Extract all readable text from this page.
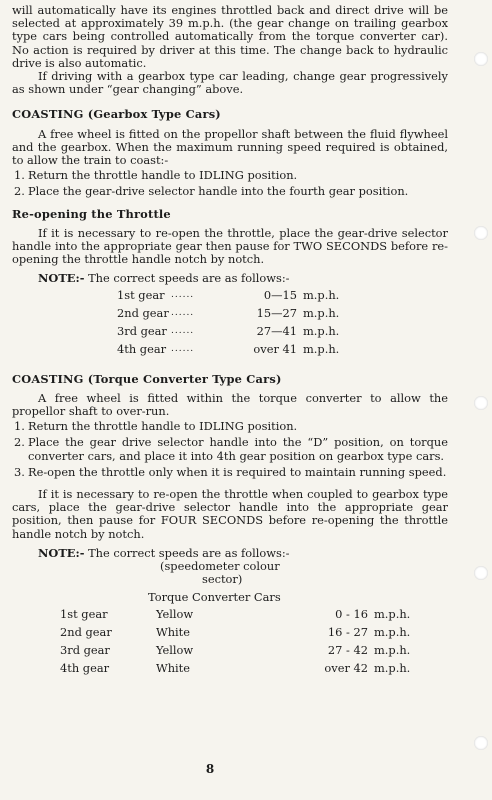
will automatically have its engines throttled back and direct drive will be selected at approximately 39 m.p.h. (the gear change on trailing gearbox type cars being controlled automatically from the torque converter car). No action is required by driver at this time. The change back to hydraulic drive is also automatic.

If driving with a gearbox type car leading, change gear progressively as shown under “gear changing” above.

COASTING (Gearbox Type Cars)

A free wheel is fitted on the propellor shaft between the fluid flywheel and the gearbox. When the maximum running speed required is obtained, to allow the train to coast:-

1. Return the throttle handle to IDLING position.
2. Place the gear-drive selector handle into the fourth gear position.
Re-opening the Throttle

If it is necessary to re-open the throttle, place the gear-drive selector handle into the appropriate gear then pause for TWO SECONDS before re-opening the throttle handle notch by notch.

NOTE:- The correct speeds are as follows:-

1st gear	......	0—15	m.p.h.
2nd gear	......	15—27	m.p.h.
3rd gear	......	27—41	m.p.h.
4th gear	......	over 41	m.p.h.
COASTING (Torque Converter Type Cars)

A free wheel is fitted within the torque converter to allow the propellor shaft to over-run.

1. Return the throttle handle to IDLING position.
2. Place the gear drive selector handle into the “D” position, on torque converter cars, and place it into 4th gear position on gearbox type cars.
3. Re-open the throttle only when it is required to maintain running speed.

If it is necessary to re-open the throttle when coupled to gearbox type cars, place the gear-drive selector handle into the appropriate gear position, then pause for FOUR SECONDS before re-opening the throttle handle notch by notch.

NOTE:- The correct speeds are as follows:-

(speedometer colour

sector)

Torque Converter Cars

1st gear	Yellow		0 - 16	m.p.h.
2nd gear	White		16 - 27	m.p.h.
3rd gear	Yellow		27 - 42	m.p.h.
4th gear	White		over 42	m.p.h.
8
